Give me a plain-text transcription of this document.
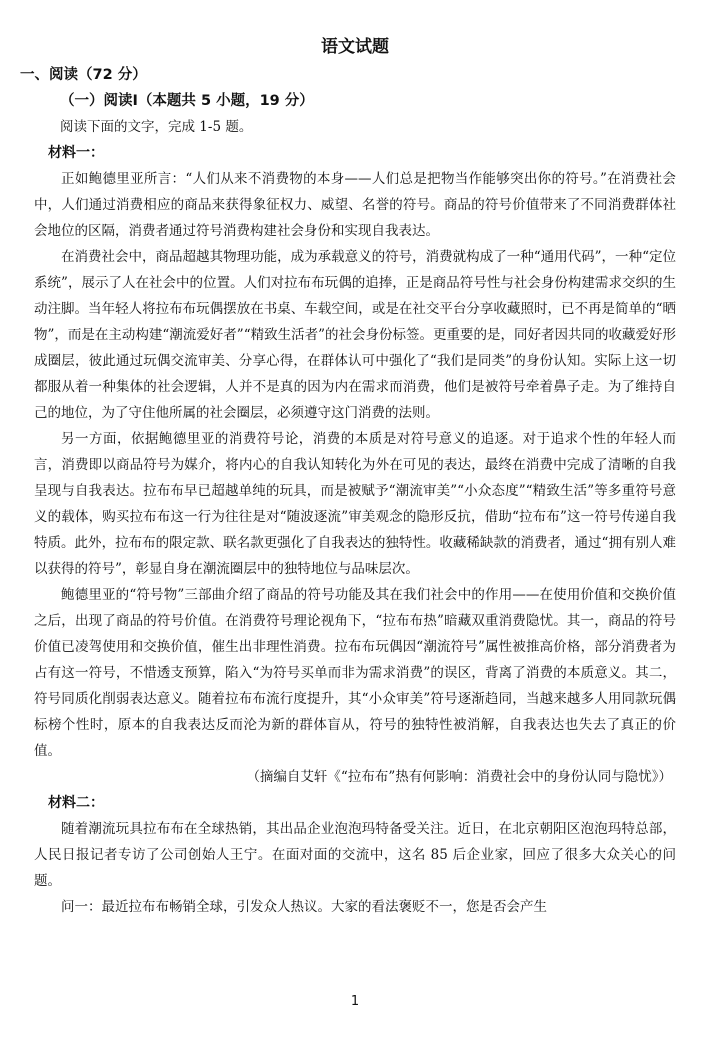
语文试题
一、阅读（72 分）
（一）阅读I（本题共 5 小题，19 分）
阅读下面的文字，完成 1-5 题。
材料一：

正如鲍德里亚所言：“人们从来不消费物的本身——人们总是把物当作能够突出你的符号。”在消费社会中，人们通过消费相应的商品来获得象征权力、威望、名誉的符号。商品的符号价值带来了不同消费群体社会地位的区隔，消费者通过符号消费构建社会身份和实现自我表达。

在消费社会中，商品超越其物理功能，成为承载意义的符号，消费就构成了一种“通用代码”，一种“定位系统”，展示了人在社会中的位置。人们对拉布布玩偶的追捧，正是商品符号性与社会身份构建需求交织的生动注脚。当年轻人将拉布布玩偶摆放在书桌、车载空间，或是在社交平台分享收藏照时，已不再是简单的“晒物”，而是在主动构建“潮流爱好者”“精致生活者”的社会身份标签。更重要的是，同好者因共同的收藏爱好形成圈层，彼此通过玩偶交流审美、分享心得，在群体认可中强化了“我们是同类”的身份认知。实际上这一切都服从着一种集体的社会逻辑，人并不是真的因为内在需求而消费，他们是被符号牵着鼻子走。为了维持自己的地位，为了守住他所属的社会圈层，必须遵守这门消费的法则。

另一方面，依据鲍德里亚的消费符号论，消费的本质是对符号意义的追逐。对于追求个性的年轻人而言，消费即以商品符号为媒介，将内心的自我认知转化为外在可见的表达，最终在消费中完成了清晰的自我呈现与自我表达。拉布布早已超越单纯的玩具，而是被赋予“潮流审美”“小众态度”“精致生活”等多重符号意义的载体，购买拉布布这一行为往往是对“随波逐流”审美观念的隐形反抗，借助“拉布布”这一符号传递自我特质。此外，拉布布的限定款、联名款更强化了自我表达的独特性。收藏稀缺款的消费者，通过“拥有别人难以获得的符号”，彰显自身在潮流圈层中的独特地位与品味层次。

鲍德里亚的“符号物”三部曲介绍了商品的符号功能及其在我们社会中的作用——在使用价值和交换价值之后，出现了商品的符号价值。在消费符号理论视角下，“拉布布热”暗藏双重消费隐忧。其一，商品的符号价值已凌驾使用和交换价值，催生出非理性消费。拉布布玩偶因“潮流符号”属性被推高价格，部分消费者为占有这一符号，不惜透支预算，陷入“为符号买单而非为需求消费”的误区，背离了消费的本质意义。其二，符号同质化削弱表达意义。随着拉布布流行度提升，其“小众审美”符号逐渐趋同，当越来越多人用同款玩偶标榜个性时，原本的自我表达反而沦为新的群体盲从，符号的独特性被消解，自我表达也失去了真正的价值。

（摘编自艾轩《“拉布布”热有何影响：消费社会中的身份认同与隐忧》）
材料二：

随着潮流玩具拉布布在全球热销，其出品企业泡泡玛特备受关注。近日，在北京朝阳区泡泡玛特总部，人民日报记者专访了公司创始人王宁。在面对面的交流中，这名 85 后企业家，回应了很多大众关心的问题。

问一：最近拉布布畅销全球，引发众人热议。大家的看法褒贬不一，您是否会产生

1
